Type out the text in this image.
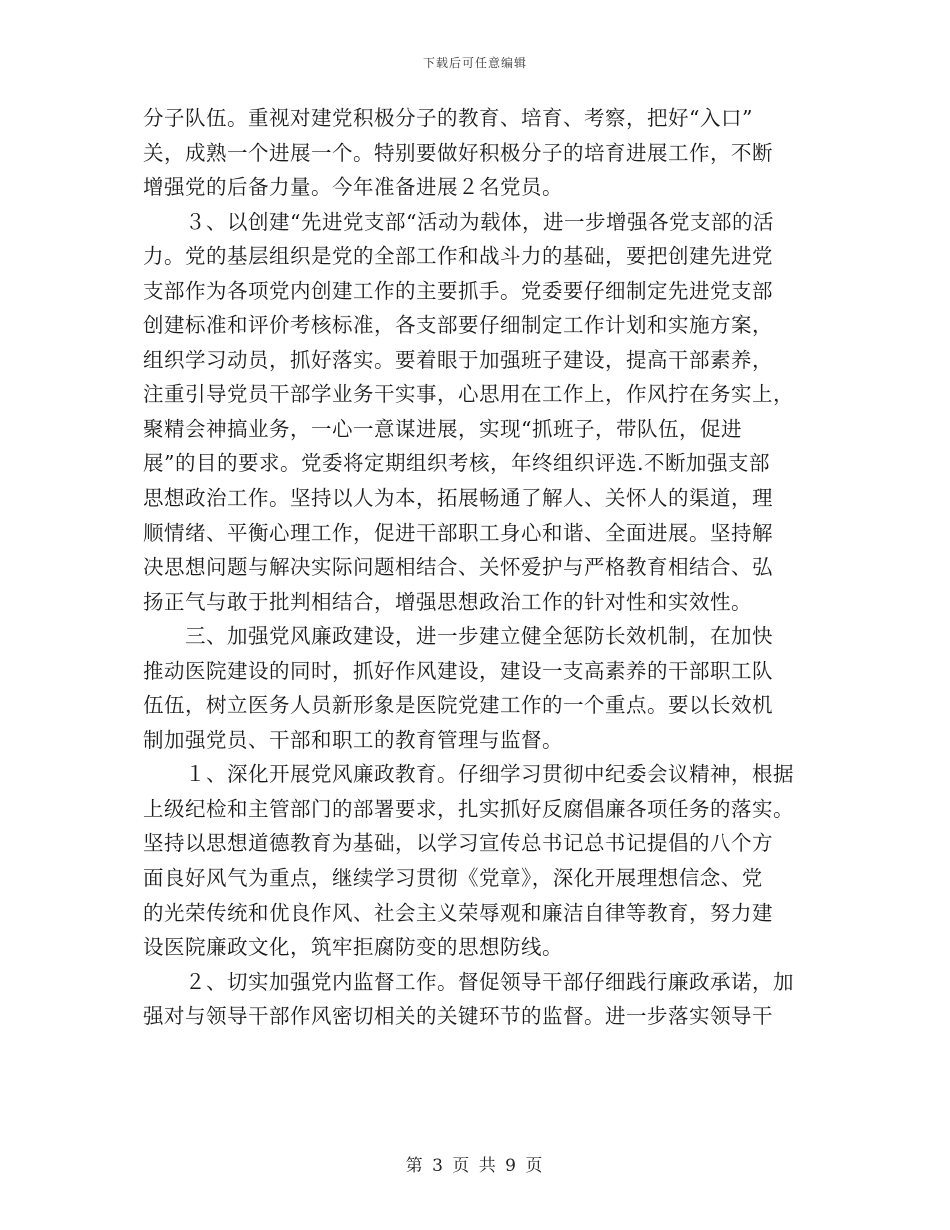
下载后可任意编辑
分子队伍。重视对建党积极分子的教育、培育、考察，把好“入口”
关，成熟一个进展一个。特别要做好积极分子的培育进展工作，不断
增强党的后备力量。今年准备进展２名党员。
　　３、以创建“先进党支部“活动为载体，进一步增强各党支部的活
力。党的基层组织是党的全部工作和战斗力的基础，要把创建先进党
支部作为各项党内创建工作的主要抓手。党委要仔细制定先进党支部
创建标准和评价考核标准，各支部要仔细制定工作计划和实施方案，
组织学习动员，抓好落实。要着眼于加强班子建设，提高干部素养，
注重引导党员干部学业务干实事，心思用在工作上，作风拧在务实上，
聚精会神搞业务，一心一意谋进展，实现“抓班子，带队伍，促进
展”的目的要求。党委将定期组织考核，年终组织评选.不断加强支部
思想政治工作。坚持以人为本，拓展畅通了解人、关怀人的渠道，理
顺情绪、平衡心理工作，促进干部职工身心和谐、全面进展。坚持解
决思想问题与解决实际问题相结合、关怀爱护与严格教育相结合、弘
扬正气与敢于批判相结合，增强思想政治工作的针对性和实效性。
　　三、加强党风廉政建设，进一步建立健全惩防长效机制，在加快
推动医院建设的同时，抓好作风建设，建设一支高素养的干部职工队
伍伍，树立医务人员新形象是医院党建工作的一个重点。要以长效机
制加强党员、干部和职工的教育管理与监督。
　　１、深化开展党风廉政教育。仔细学习贯彻中纪委会议精神，根据
上级纪检和主管部门的部署要求，扎实抓好反腐倡廉各项任务的落实。
坚持以思想道德教育为基础，以学习宣传总书记总书记提倡的八个方
面良好风气为重点，继续学习贯彻《党章》，深化开展理想信念、党
的光荣传统和优良作风、社会主义荣辱观和廉洁自律等教育，努力建
设医院廉政文化，筑牢拒腐防变的思想防线。
　　２、切实加强党内监督工作。督促领导干部仔细践行廉政承诺，加
强对与领导干部作风密切相关的关键环节的监督。进一步落实领导干
第 3 页 共 9 页
